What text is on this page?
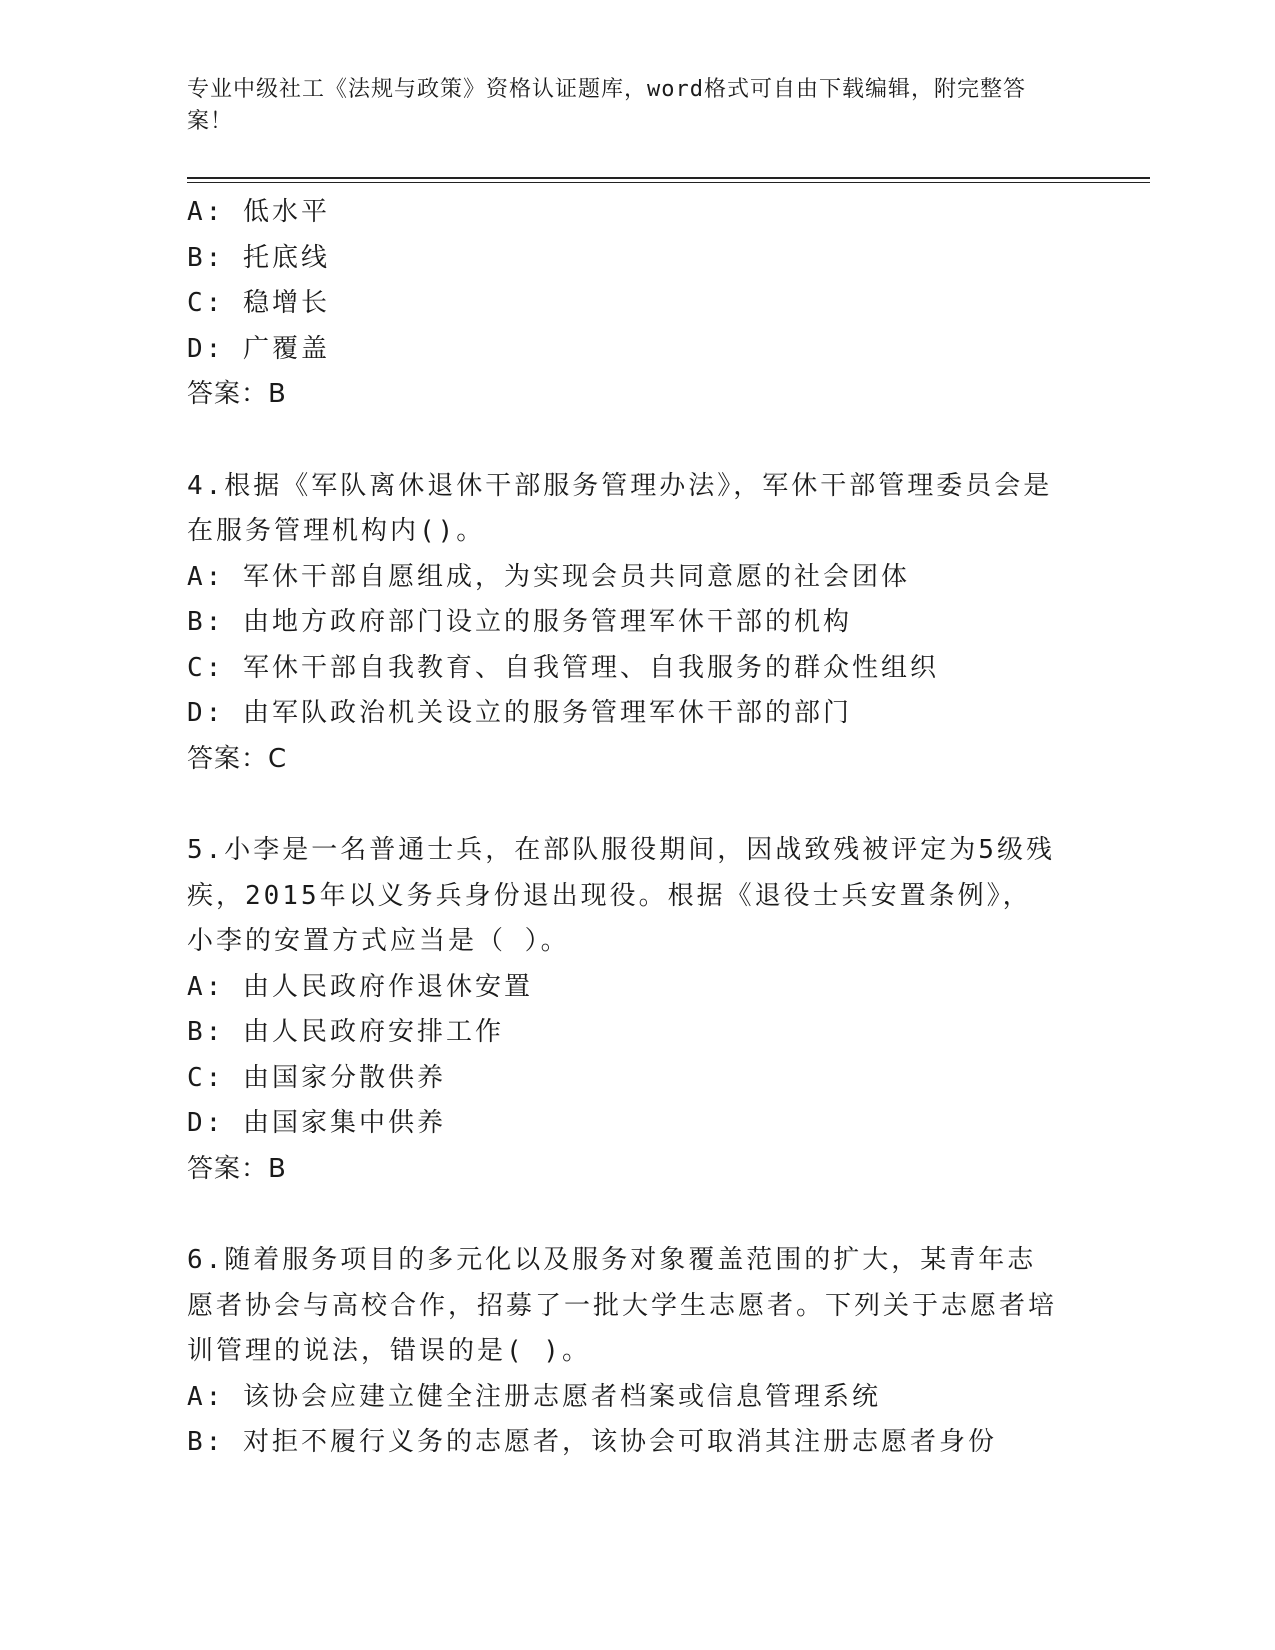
专业中级社工《法规与政策》资格认证题库，word格式可自由下载编辑，附完整答案！
A: 低水平
B: 托底线
C: 稳增长
D: 广覆盖
答案：B
4.根据《军队离休退休干部服务管理办法》，军休干部管理委员会是在服务管理机构内()。
A: 军休干部自愿组成，为实现会员共同意愿的社会团体
B: 由地方政府部门设立的服务管理军休干部的机构
C: 军休干部自我教育、自我管理、自我服务的群众性组织
D: 由军队政治机关设立的服务管理军休干部的部门
答案：C
5.小李是一名普通士兵，在部队服役期间，因战致残被评定为5级残疾，2015年以义务兵身份退出现役。根据《退役士兵安置条例》，小李的安置方式应当是（ ）。
A: 由人民政府作退休安置
B: 由人民政府安排工作
C: 由国家分散供养
D: 由国家集中供养
答案：B
6.随着服务项目的多元化以及服务对象覆盖范围的扩大，某青年志愿者协会与高校合作，招募了一批大学生志愿者。下列关于志愿者培训管理的说法，错误的是( )。
A: 该协会应建立健全注册志愿者档案或信息管理系统
B: 对拒不履行义务的志愿者，该协会可取消其注册志愿者身份
